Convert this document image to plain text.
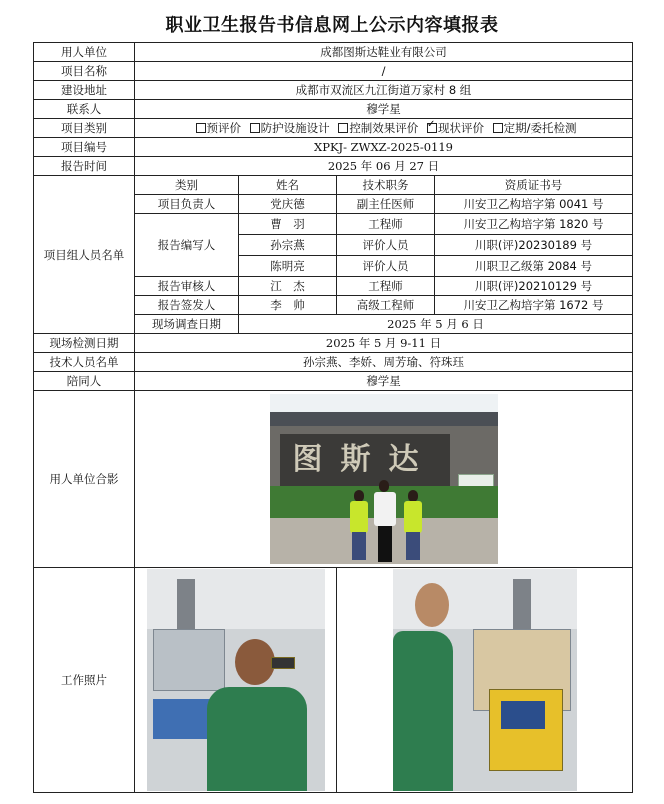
职业卫生报告书信息网上公示内容填报表
用人单位	成都图斯达鞋业有限公司			
项目名称	/			
建设地址	成都市双流区九江街道万家村 8 组			
联系人	穆学星			
项目类别	预评价 防护设施设计 控制效果评价 ✓ 现状评价 定期/委托检测
项目编号	XPKJ- ZWXZ-2025-0119			
报告时间	2025 年 06 月 27 日			
项目组人员名单	类别	姓名	技术职务	资质证书号
	项目负责人	党庆德	副主任医师	川安卫乙构培字第 0041 号
	报告编写人	曹　羽	工程师	川安卫乙构培字第 1820 号
		孙宗燕	评价人员	川职(评)20230189 号
		陈明亮	评价人员	川职卫乙级第 2084 号
	报告审核人	江　杰	工程师	川职(评)20210129 号
	报告签发人	李　帅	高级工程师	川安卫乙构培字第 1672 号
	现场调查日期	2025 年 5 月 6 日		
现场检测日期	2025 年 5 月 9-11 日			
技术人员名单	孙宗燕、李娇、周芳瑜、符珠珏			
陪同人	穆学星			
用人单位合影	图斯达			

工作照片			
